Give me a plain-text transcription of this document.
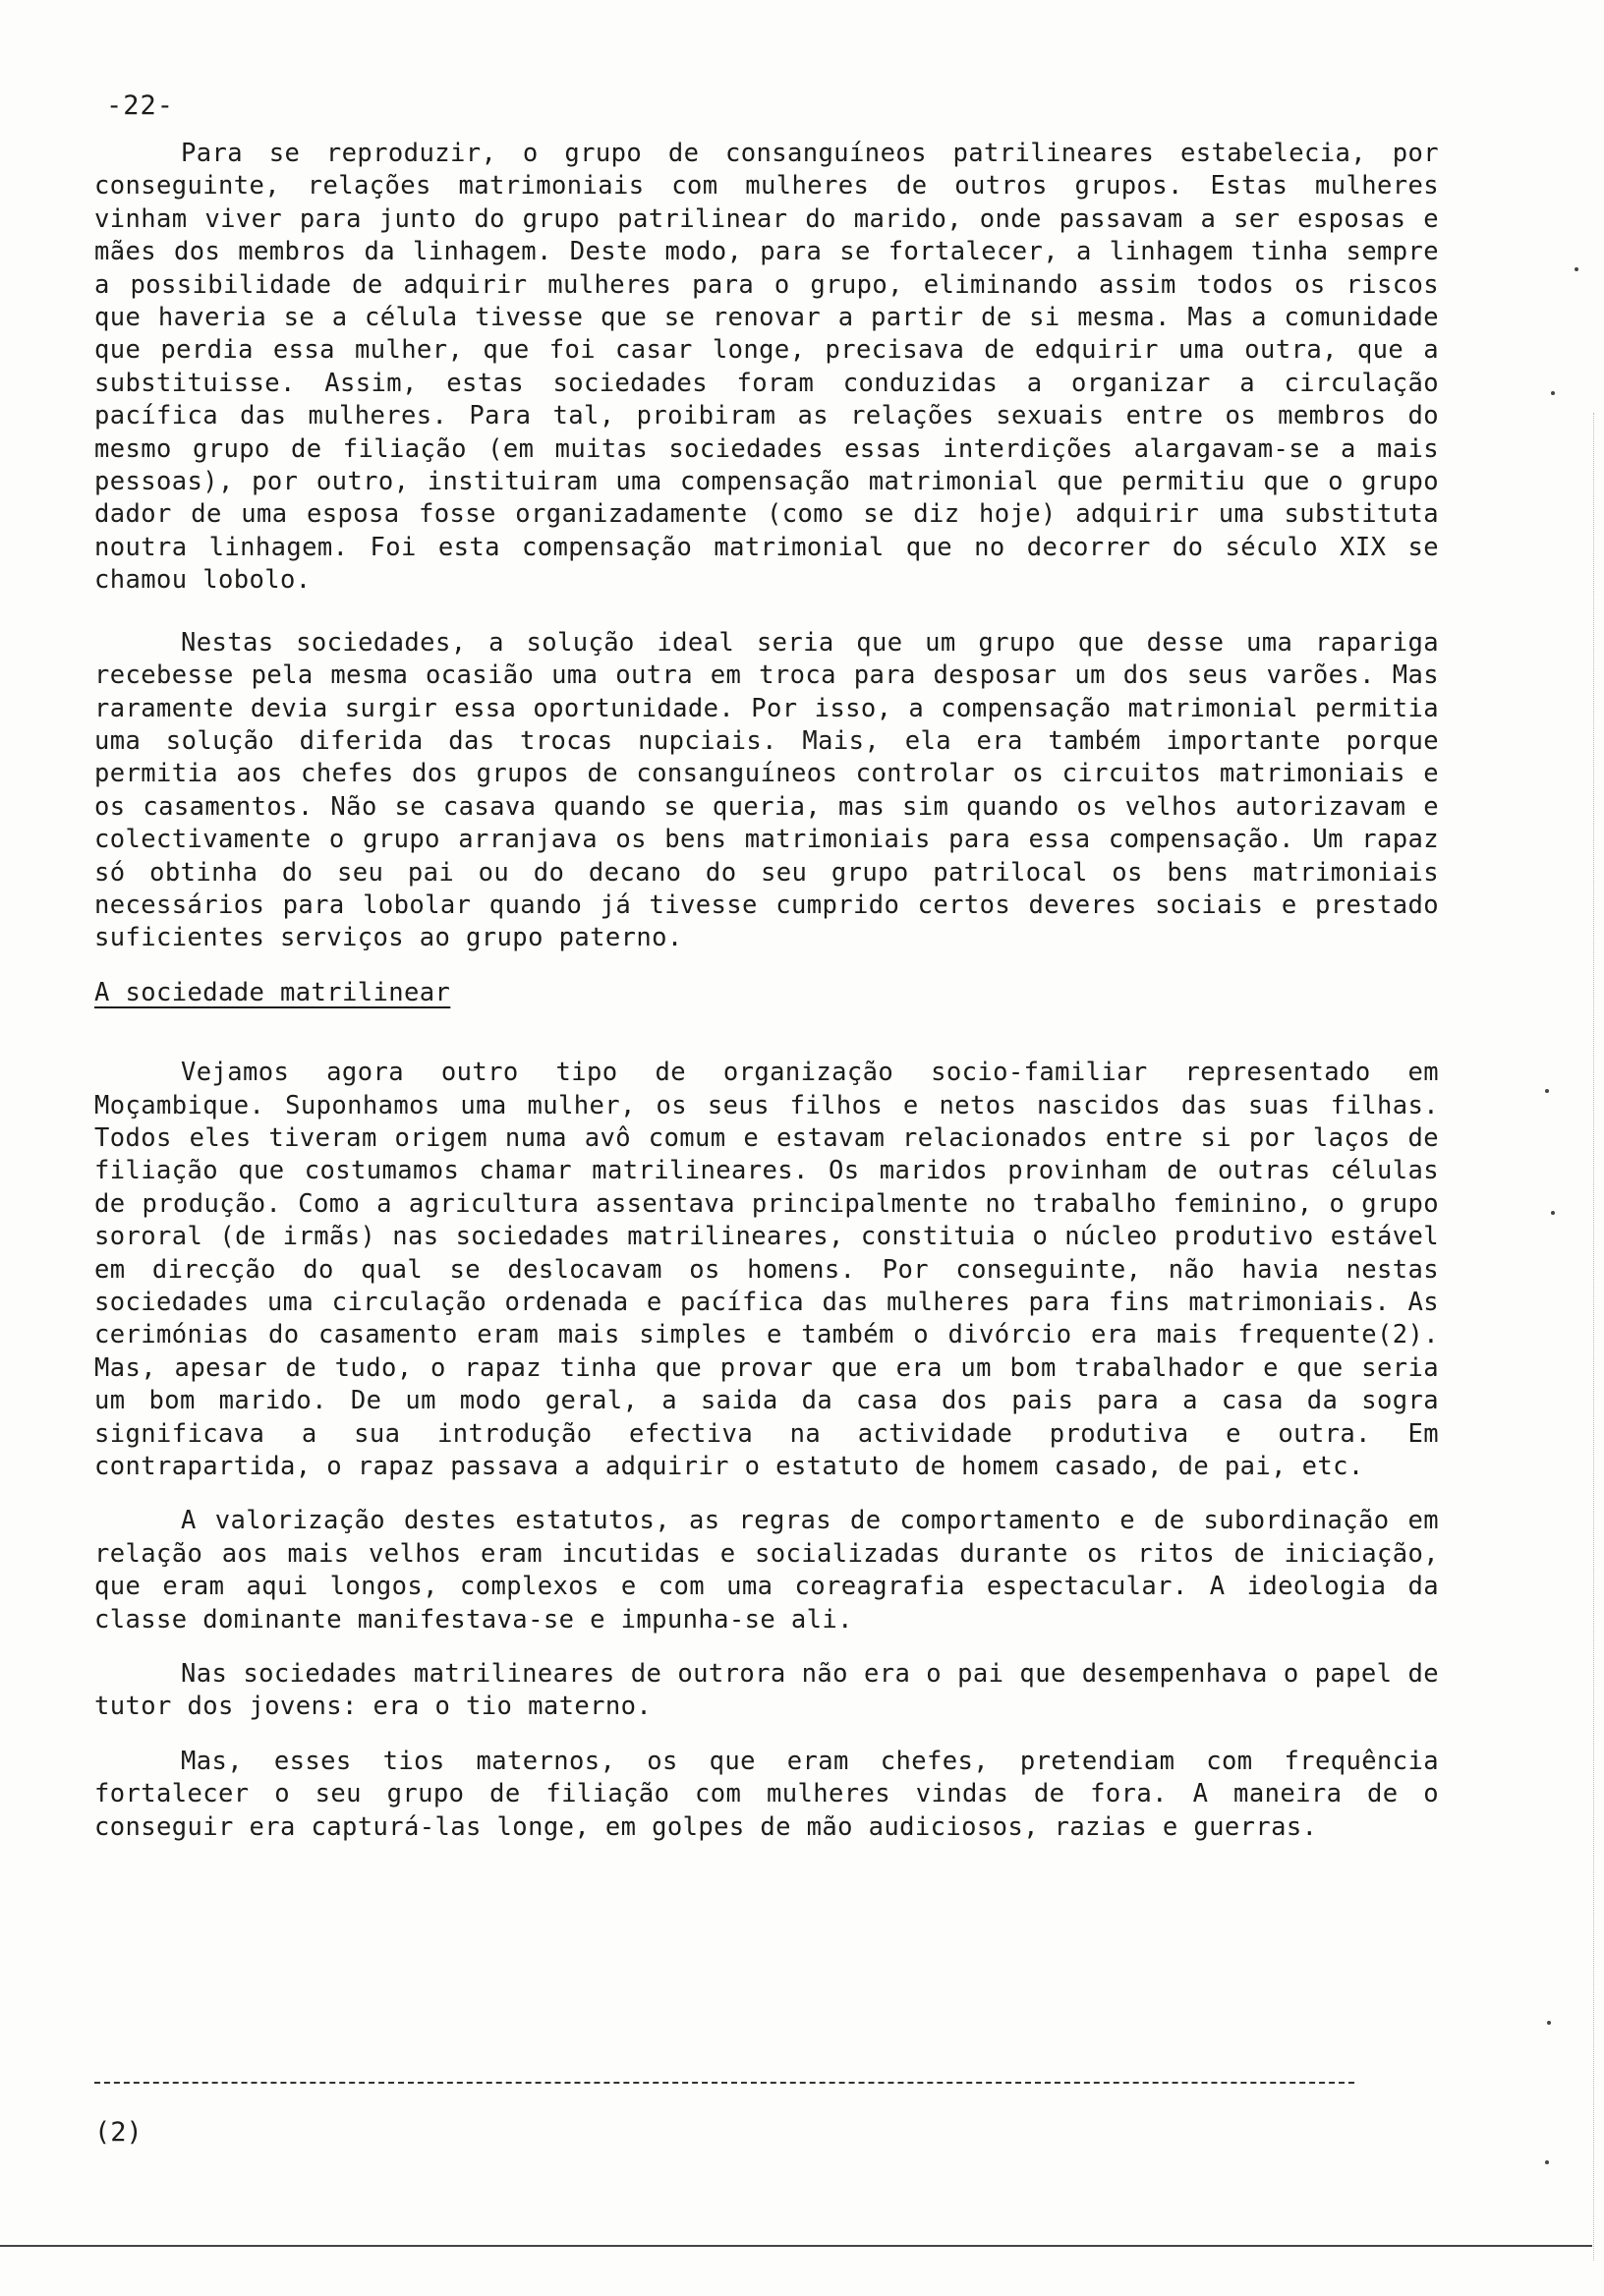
-22-

Para se reproduzir, o grupo de consanguíneos patrilineares estabelecia, por conseguinte, relações matrimoniais com mulheres de outros grupos. Estas mulheres vinham viver para junto do grupo patrilinear do marido, onde passavam a ser esposas e mães dos membros da linhagem. Deste modo, para se fortalecer, a linhagem tinha sempre a possibilidade de adquirir mulheres para o grupo, eliminando assim todos os riscos que haveria se a célula tivesse que se renovar a partir de si mesma. Mas a comunidade que perdia essa mulher, que foi casar longe, precisava de edquirir uma outra, que a substituisse. Assim, estas sociedades foram conduzidas a organizar a circulação pacífica das mulheres. Para tal, proibiram as relações sexuais entre os membros do mesmo grupo de filiação (em muitas sociedades essas interdições alargavam-se a mais pessoas), por outro, instituiram uma compensação matrimonial que permitiu que o grupo dador de uma esposa fosse organizadamente (como se diz hoje) adquirir uma substituta noutra linhagem. Foi esta compensação matrimonial que no decorrer do século XIX se chamou lobolo.

Nestas sociedades, a solução ideal seria que um grupo que desse uma rapariga recebesse pela mesma ocasião uma outra em troca para desposar um dos seus varões. Mas raramente devia surgir essa oportunidade. Por isso, a compensação matrimonial permitia uma solução diferida das trocas nupciais. Mais, ela era também importante porque permitia aos chefes dos grupos de consanguíneos controlar os circuitos matrimoniais e os casamentos. Não se casava quando se queria, mas sim quando os velhos autorizavam e colectivamente o grupo arranjava os bens matrimoniais para essa compensação. Um rapaz só obtinha do seu pai ou do decano do seu grupo patrilocal os bens matrimoniais necessários para lobolar quando já tivesse cumprido certos deveres sociais e prestado suficientes serviços ao grupo paterno.

A sociedade matrilinear

Vejamos agora outro tipo de organização socio-familiar representado em Moçambique. Suponhamos uma mulher, os seus filhos e netos nascidos das suas filhas. Todos eles tiveram origem numa avô comum e estavam relacionados entre si por laços de filiação que costumamos chamar matrilineares. Os maridos provinham de outras células de produção. Como a agricultura assentava principalmente no trabalho feminino, o grupo sororal (de irmãs) nas sociedades matrilineares, constituia o núcleo produtivo estável em direcção do qual se deslocavam os homens. Por conseguinte, não havia nestas sociedades uma circulação ordenada e pacífica das mulheres para fins matrimoniais. As cerimónias do casamento eram mais simples e também o divórcio era mais frequente(2). Mas, apesar de tudo, o rapaz tinha que provar que era um bom trabalhador e que seria um bom marido. De um modo geral, a saida da casa dos pais para a casa da sogra significava a sua introdução efectiva na actividade produtiva e outra. Em contrapartida, o rapaz passava a adquirir o estatuto de homem casado, de pai, etc.

A valorização destes estatutos, as regras de comportamento e de subordinação em relação aos mais velhos eram incutidas e socializadas durante os ritos de iniciação, que eram aqui longos, complexos e com uma coreagrafia espectacular. A ideologia da classe dominante manifestava-se e impunha-se ali.

Nas sociedades matrilineares de outrora não era o pai que desempenhava o papel de tutor dos jovens: era o tio materno.

Mas, esses tios maternos, os que eram chefes, pretendiam com frequência fortalecer o seu grupo de filiação com mulheres vindas de fora. A maneira de o conseguir era capturá-las longe, em golpes de mão audiciosos, razias e guerras.

(2)
